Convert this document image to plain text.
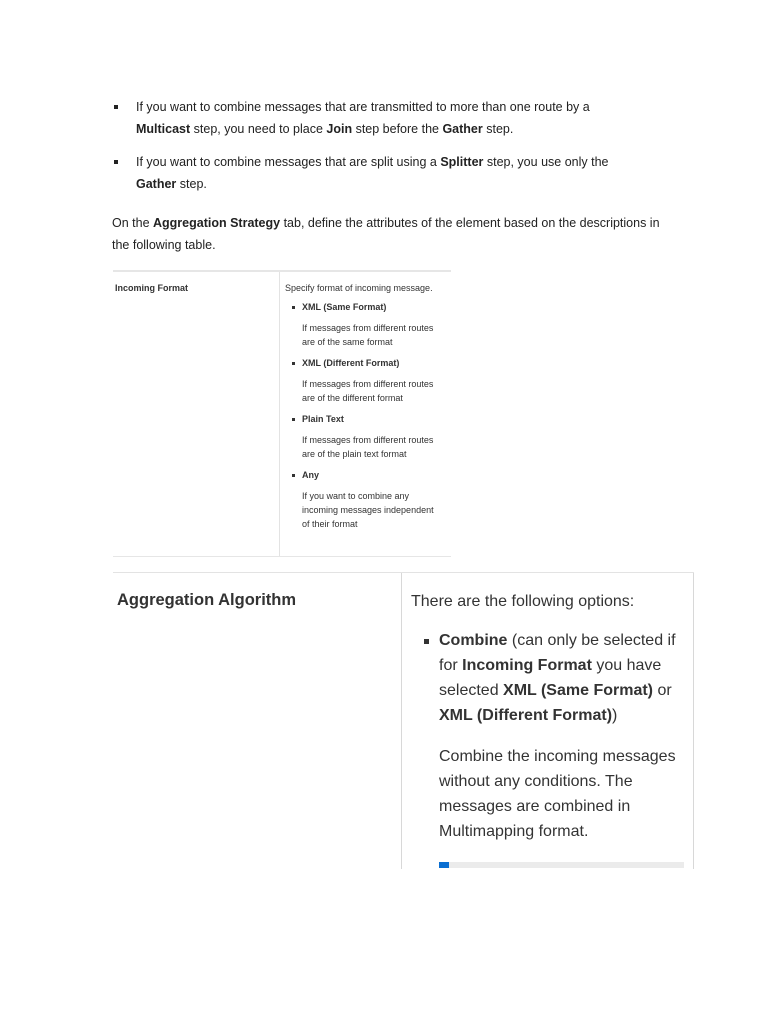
If you want to combine messages that are transmitted to more than one route by a Multicast step, you need to place Join step before the Gather step.
If you want to combine messages that are split using a Splitter step, you use only the Gather step.

On the Aggregation Strategy tab, define the attributes of the element based on the descriptions in the following table.

Incoming Format	Specify format of incoming message.
XML (Same Format)
If messages from different routes are of the same format
XML (Different Format)
If messages from different routes are of the different format
Plain Text
If messages from different routes are of the plain text format
Any
If you want to combine any incoming messages independent of their format
Aggregation Algorithm	There are the following options:
Combine (can only be selected if for Incoming Format you have selected XML (Same Format) or XML (Different Format))
Combine the incoming messages without any conditions. The messages are combined in Multimapping format.
